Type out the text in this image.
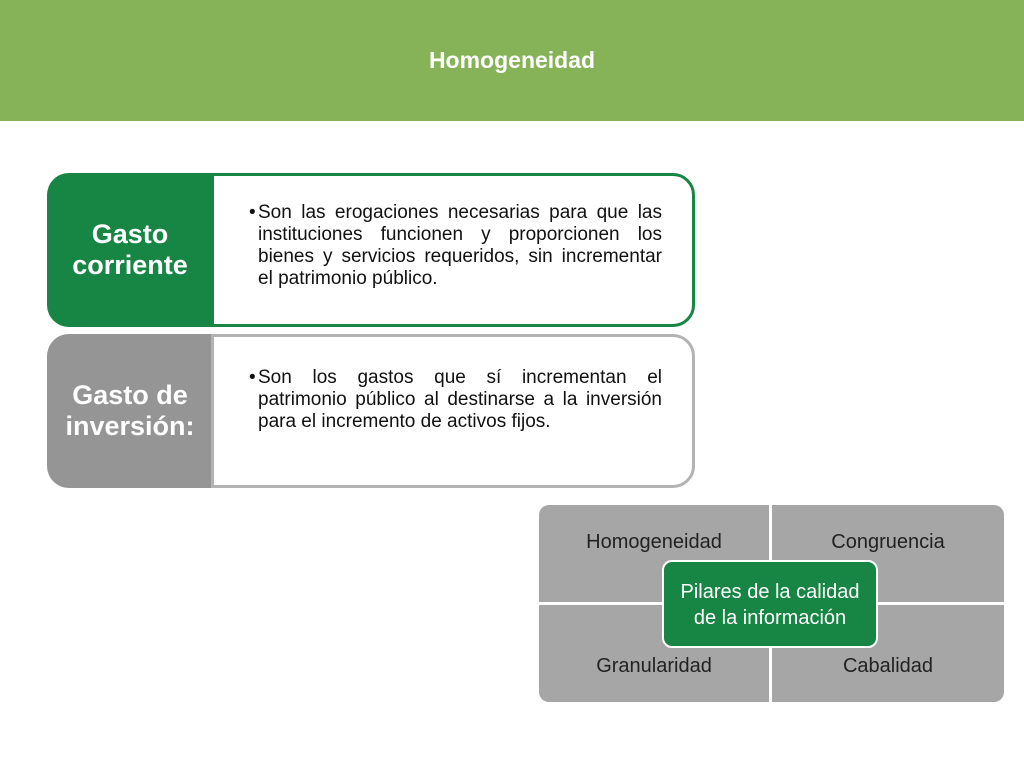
Homogeneidad
Gasto
corriente
• Son las erogaciones necesarias para que las instituciones funcionen y proporcionen los bienes y servicios requeridos, sin incrementar el patrimonio público.
Gasto de
inversión:
• Son los gastos que sí incrementan el patrimonio público al destinarse a la inversión para el incremento de activos fijos.
Homogeneidad	Congruencia
Granularidad	Cabalidad
Pilares de la calidad
de la información
